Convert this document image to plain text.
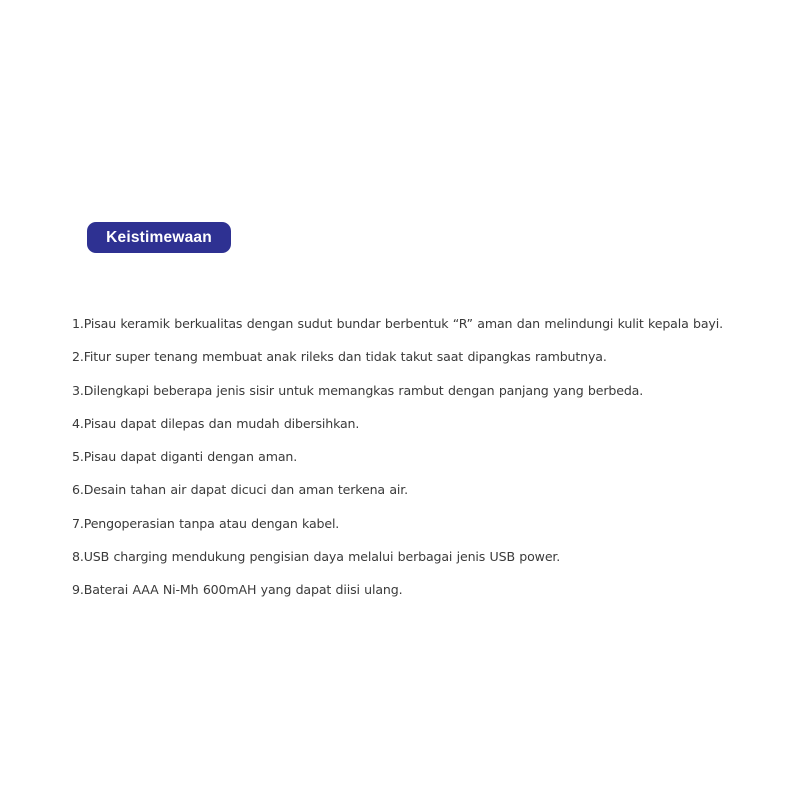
Keistimewaan
1.Pisau keramik berkualitas dengan sudut bundar berbentuk “R” aman dan melindungi kulit kepala bayi.
2.Fitur super tenang membuat anak rileks dan tidak takut saat dipangkas rambutnya.
3.Dilengkapi beberapa jenis sisir untuk memangkas rambut dengan panjang yang berbeda.
4.Pisau dapat dilepas dan mudah dibersihkan.
5.Pisau dapat diganti dengan aman.
6.Desain tahan air dapat dicuci dan aman terkena air.
7.Pengoperasian tanpa atau dengan kabel.
8.USB charging mendukung pengisian daya melalui berbagai jenis USB power.
9.Baterai AAA Ni-Mh 600mAH yang dapat diisi ulang.
